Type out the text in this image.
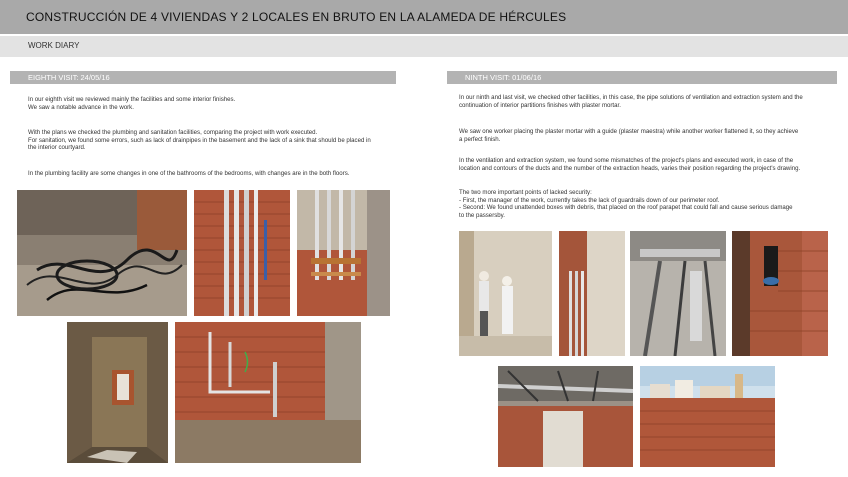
CONSTRUCCIÓN DE 4 VIVIENDAS Y 2 LOCALES EN BRUTO EN LA ALAMEDA DE HÉRCULES
WORK DIARY
EIGHTH VISIT: 24/05/16

In our eighth visit we reviewed mainly the facilities and some interior finishes.

We saw a notable advance in the work.

With the plans we checked the plumbing and sanitation facilities, comparing the project with work executed.

For sanitation, we found some errors, such as lack of drainpipes in the basement and the lack of a sink that should be placed in

the interior courtyard.

In the plumbing facility are some changes in one of the bathrooms of the bedrooms, with changes are in the both floors.

NINTH VISIT: 01/06/16

In our ninth and last visit, we checked other facilities, in this case, the pipe solutions of ventilation and extraction system and the

continuation of interior partitions finishes with plaster mortar.

We saw one worker placing the plaster mortar with a guide (plaster maestra) while another worker flattened it, so they achieve

a perfect finish.

In the ventilation and extraction system, we found some mismatches of the project's plans and executed work, in case of the

location and contours of the ducts and the number of the extraction heads, varies their position regarding the project's drawing.

The two more important points of lacked security:

- First, the manager of the work, currently takes the lack of guardrails down of our perimeter roof.

- Second: We found unattended boxes with debris, that placed on the roof parapet that could fall and cause serious damage

to the passersby.
